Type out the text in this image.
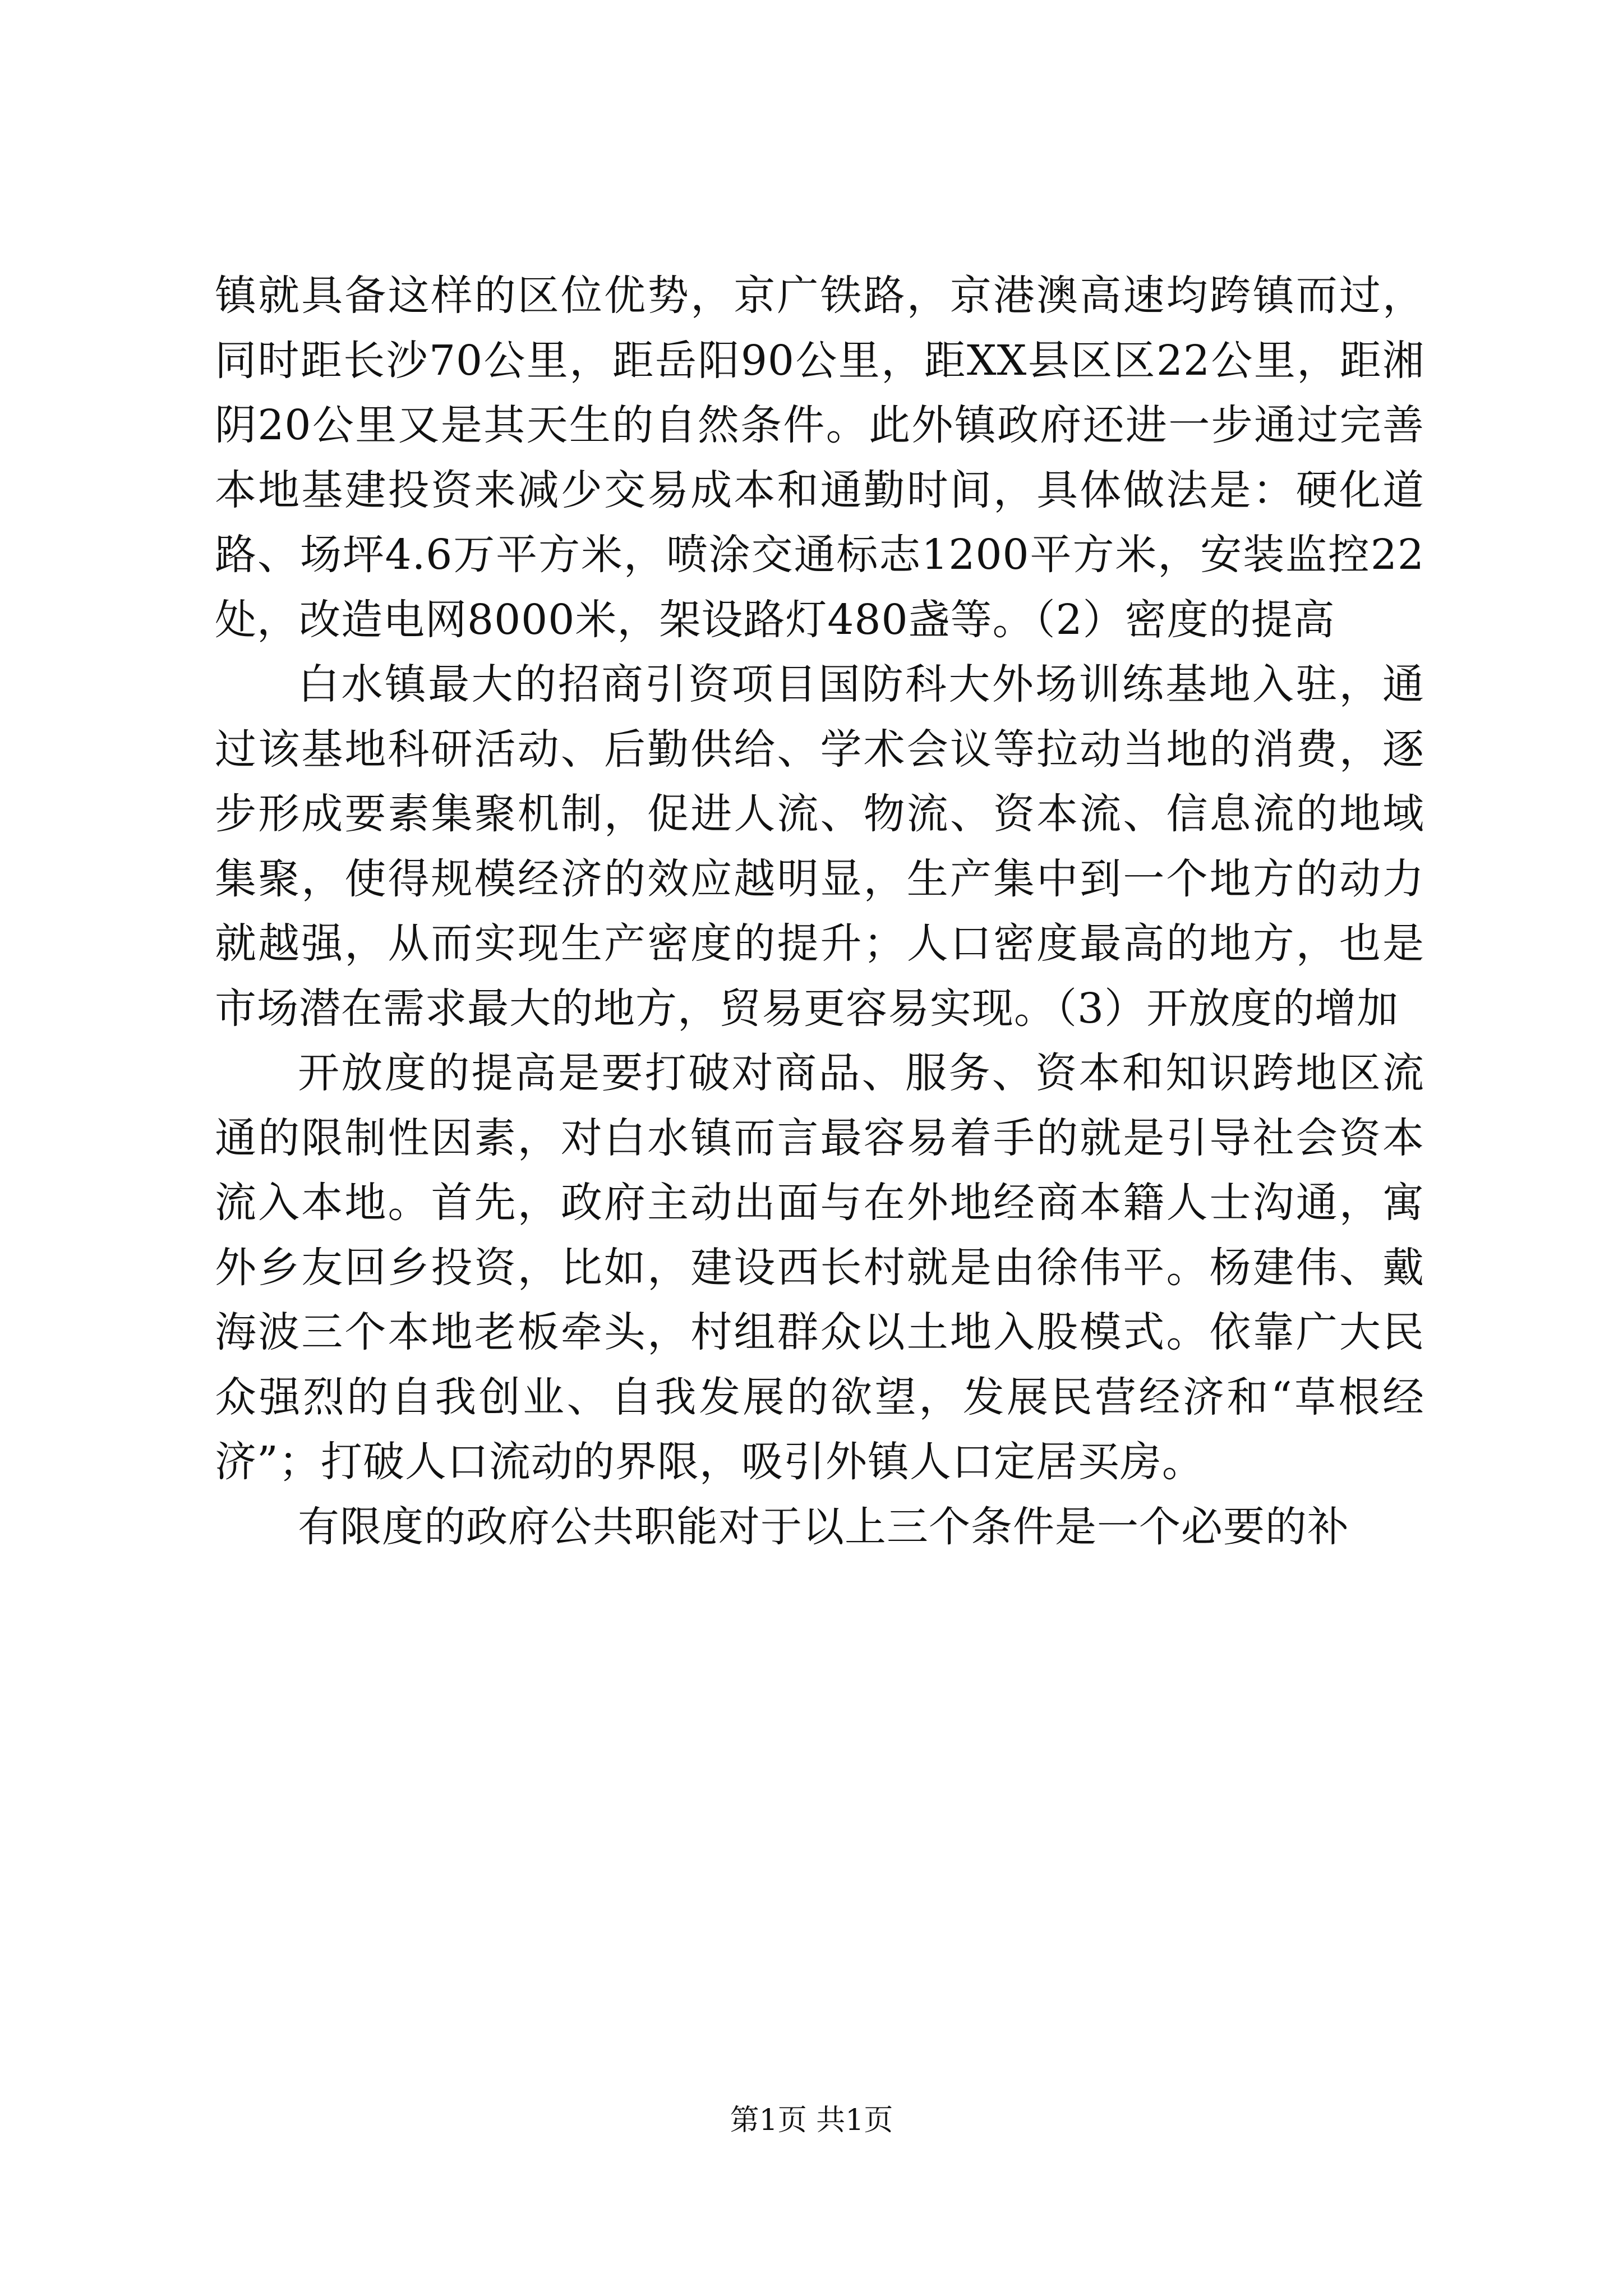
镇就具备这样的区位优势，京广铁路，京港澳高速均跨镇而过，同时距长沙70公里，距岳阳90公里，距XX县区区22公里，距湘阴20公里又是其天生的自然条件。此外镇政府还进一步通过完善本地基建投资来减少交易成本和通勤时间，具体做法是：硬化道路、场坪4.6万平方米，喷涂交通标志1200平方米，安装监控22处，改造电网8000米，架设路灯480盏等。（2）密度的提高

白水镇最大的招商引资项目国防科大外场训练基地入驻，通过该基地科研活动、后勤供给、学术会议等拉动当地的消费，逐步形成要素集聚机制，促进人流、物流、资本流、信息流的地域集聚，使得规模经济的效应越明显，生产集中到一个地方的动力就越强，从而实现生产密度的提升；人口密度最高的地方，也是市场潜在需求最大的地方，贸易更容易实现。（3）开放度的增加

开放度的提高是要打破对商品、服务、资本和知识跨地区流通的限制性因素，对白水镇而言最容易着手的就是引导社会资本流入本地。首先，政府主动出面与在外地经商本籍人士沟通，寓外乡友回乡投资，比如，建设西长村就是由徐伟平。杨建伟、戴海波三个本地老板牵头，村组群众以土地入股模式。依靠广大民众强烈的自我创业、自我发展的欲望，发展民营经济和“草根经济”；打破人口流动的界限，吸引外镇人口定居买房。

有限度的政府公共职能对于以上三个条件是一个必要的补

第1页 共1页
